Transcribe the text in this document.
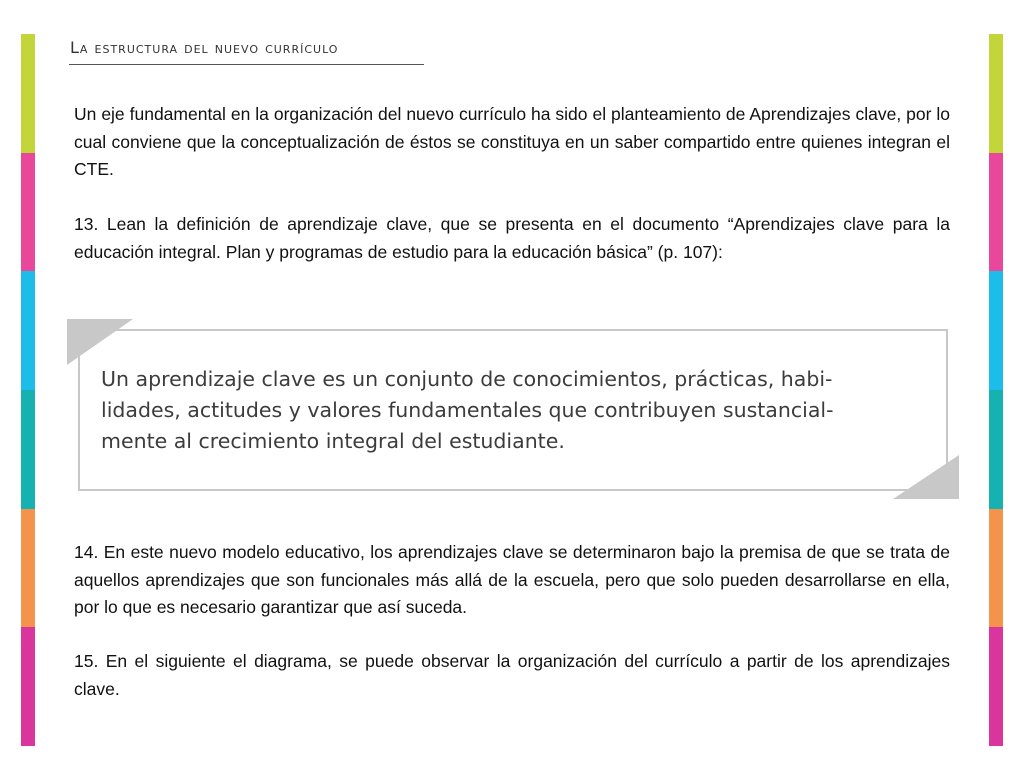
La estructura del nuevo currículo

Un eje fundamental en la organización del nuevo currículo ha sido el planteamiento de Aprendizajes clave, por lo cual conviene que la conceptualización de éstos se constituya en un saber compartido entre quienes integran el CTE.

13. Lean la definición de aprendizaje clave, que se presenta en el documento “Aprendizajes clave para la educación integral. Plan y programas de estudio para la educación básica” (p. 107):

Un aprendizaje clave es un conjunto de conocimientos, prácticas, habi-
lidades, actitudes y valores fundamentales que contribuyen sustancial-
mente al crecimiento integral del estudiante.

14. En este nuevo modelo educativo, los aprendizajes clave se determinaron bajo la premisa de que se trata de aquellos aprendizajes que son funcionales más allá de la escuela, pero que solo pueden desarrollarse en ella, por lo que es necesario garantizar que así suceda.

15. En el siguiente el diagrama, se puede observar la organización del currículo a partir de los aprendizajes clave.
